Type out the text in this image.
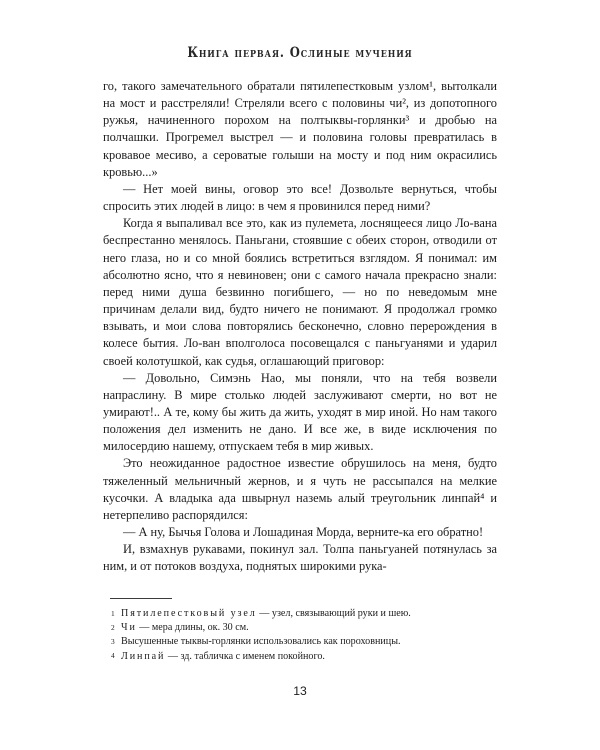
Книга первая. Ослиные мучения

го, такого замечательного обратали пятилепестковым узлом¹, вытолкали на мост и расстреляли! Стреляли всего с половины чи², из допотопного ружья, начиненного порохом на полтыквы-горлянки³ и дробью на полчашки. Прогремел выстрел — и половина головы превратилась в кровавое месиво, а сероватые голыши на мосту и под ним окрасились кровью...»

— Нет моей вины, оговор это все! Дозвольте вернуться, чтобы спросить этих людей в лицо: в чем я провинился перед ними?

Когда я выпаливал все это, как из пулемета, лоснящееся лицо Ло-вана беспрестанно менялось. Паньгани, стоявшие с обеих сторон, отводили от него глаза, но и со мной боялись встретиться взглядом. Я понимал: им абсолютно ясно, что я невиновен; они с самого начала прекрасно знали: перед ними душа безвинно погибшего, — но по неведомым мне причинам делали вид, будто ничего не понимают. Я продолжал громко взывать, и мои слова повторялись бесконечно, словно перерождения в колесе бытия. Ло-ван вполголоса посовещался с паньгуанями и ударил своей колотушкой, как судья, оглашающий приговор:

— Довольно, Симэнь Нао, мы поняли, что на тебя возвели напраслину. В мире столько людей заслуживают смерти, но вот не умирают!.. А те, кому бы жить да жить, уходят в мир иной. Но нам такого положения дел изменить не дано. И все же, в виде исключения по милосердию нашему, отпускаем тебя в мир живых.

Это неожиданное радостное известие обрушилось на меня, будто тяжеленный мельничный жернов, и я чуть не рассыпался на мелкие кусочки. А владыка ада швырнул наземь алый треугольник линпай⁴ и нетерпеливо распорядился:

— А ну, Бычья Голова и Лошадиная Морда, верните-ка его обратно!

И, взмахнув рукавами, покинул зал. Толпа паньгуаней потянулась за ним, и от потоков воздуха, поднятых широкими рука-

1 Пятилепестковый узел — узел, связывающий руки и шею.
2 Чи — мера длины, ок. 30 см.
3 Высушенные тыквы-горлянки использовались как пороховницы.
4 Линпай — зд. табличка с именем покойного.
13
